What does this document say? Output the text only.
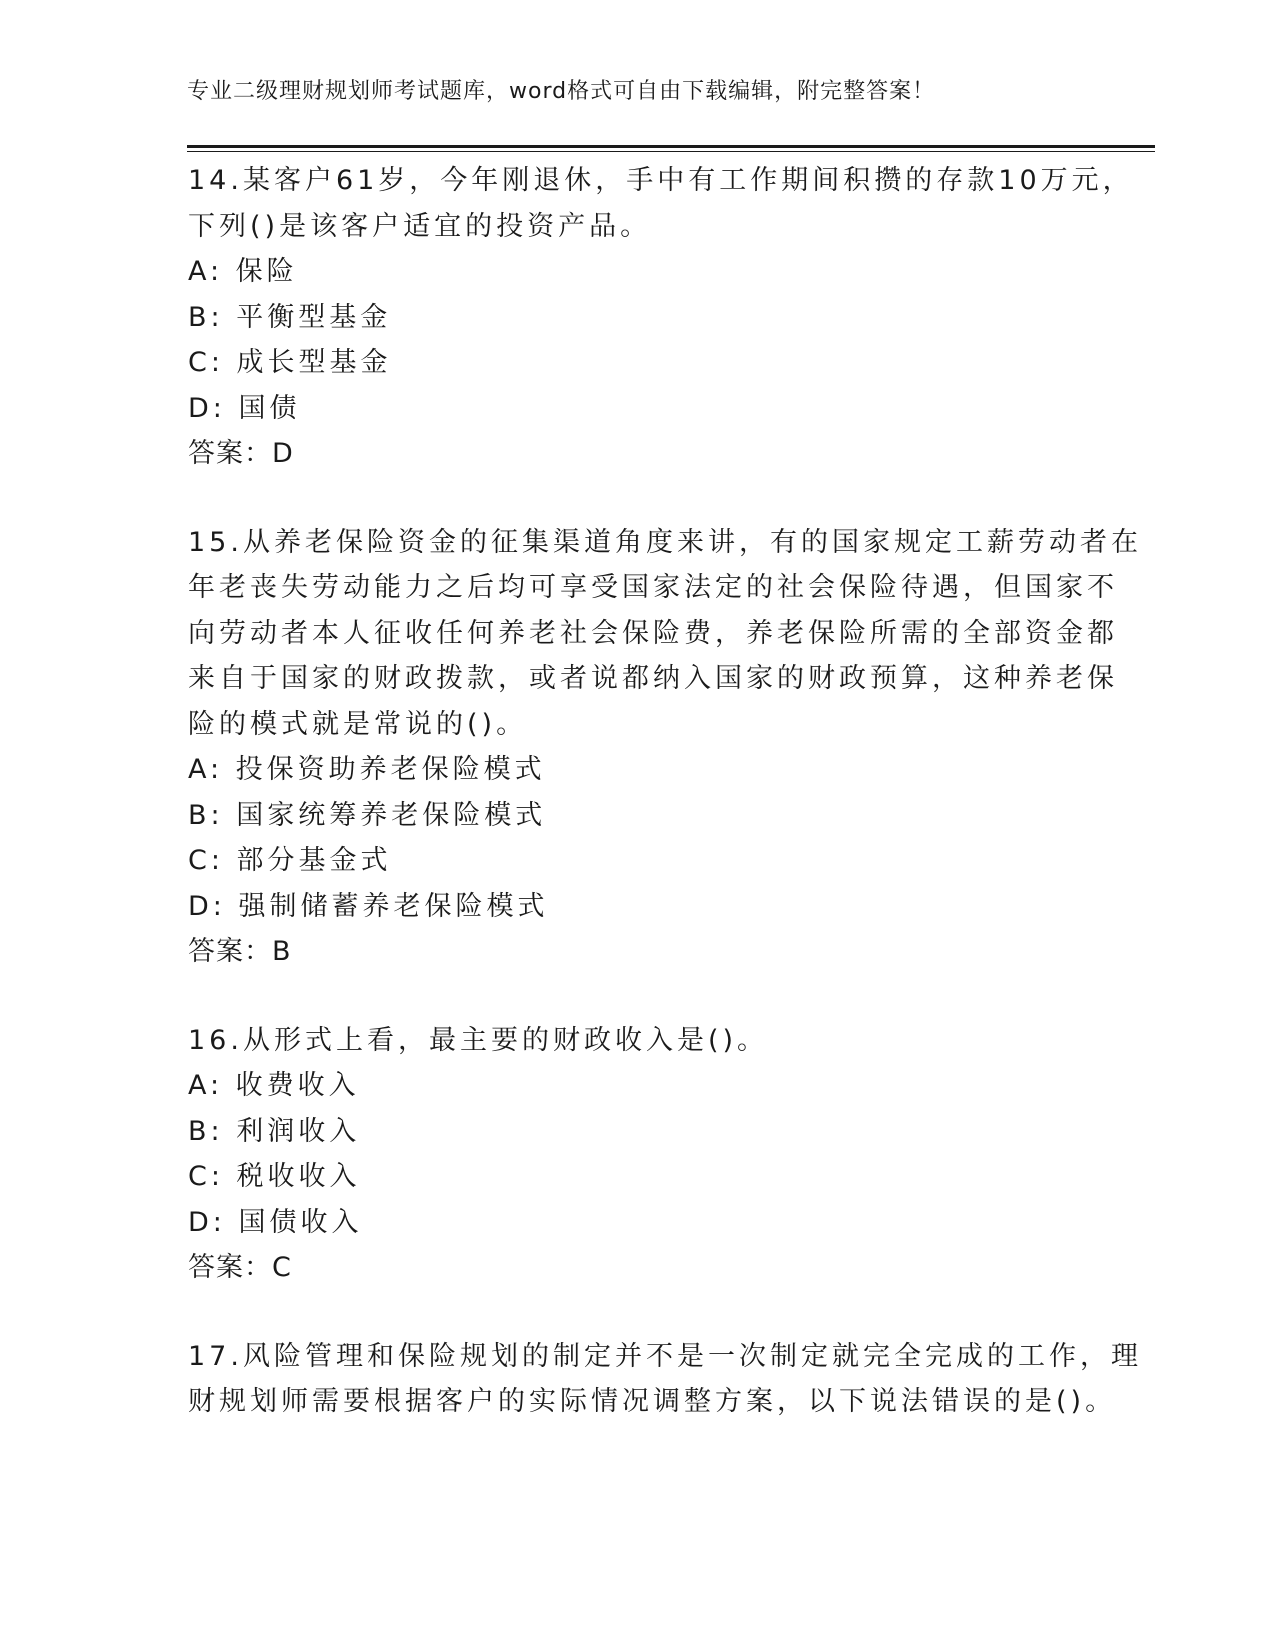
专业二级理财规划师考试题库，word格式可自由下载编辑，附完整答案！
14.某客户61岁，今年刚退休，手中有工作期间积攒的存款10万元，
下列()是该客户适宜的投资产品。
A: 保险
B: 平衡型基金
C: 成长型基金
D: 国债
答案：D
15.从养老保险资金的征集渠道角度来讲，有的国家规定工薪劳动者在
年老丧失劳动能力之后均可享受国家法定的社会保险待遇，但国家不
向劳动者本人征收任何养老社会保险费，养老保险所需的全部资金都
来自于国家的财政拨款，或者说都纳入国家的财政预算，这种养老保
险的模式就是常说的()。
A: 投保资助养老保险模式
B: 国家统筹养老保险模式
C: 部分基金式
D: 强制储蓄养老保险模式
答案：B
16.从形式上看，最主要的财政收入是()。
A: 收费收入
B: 利润收入
C: 税收收入
D: 国债收入
答案：C
17.风险管理和保险规划的制定并不是一次制定就完全完成的工作，理
财规划师需要根据客户的实际情况调整方案，以下说法错误的是()。
